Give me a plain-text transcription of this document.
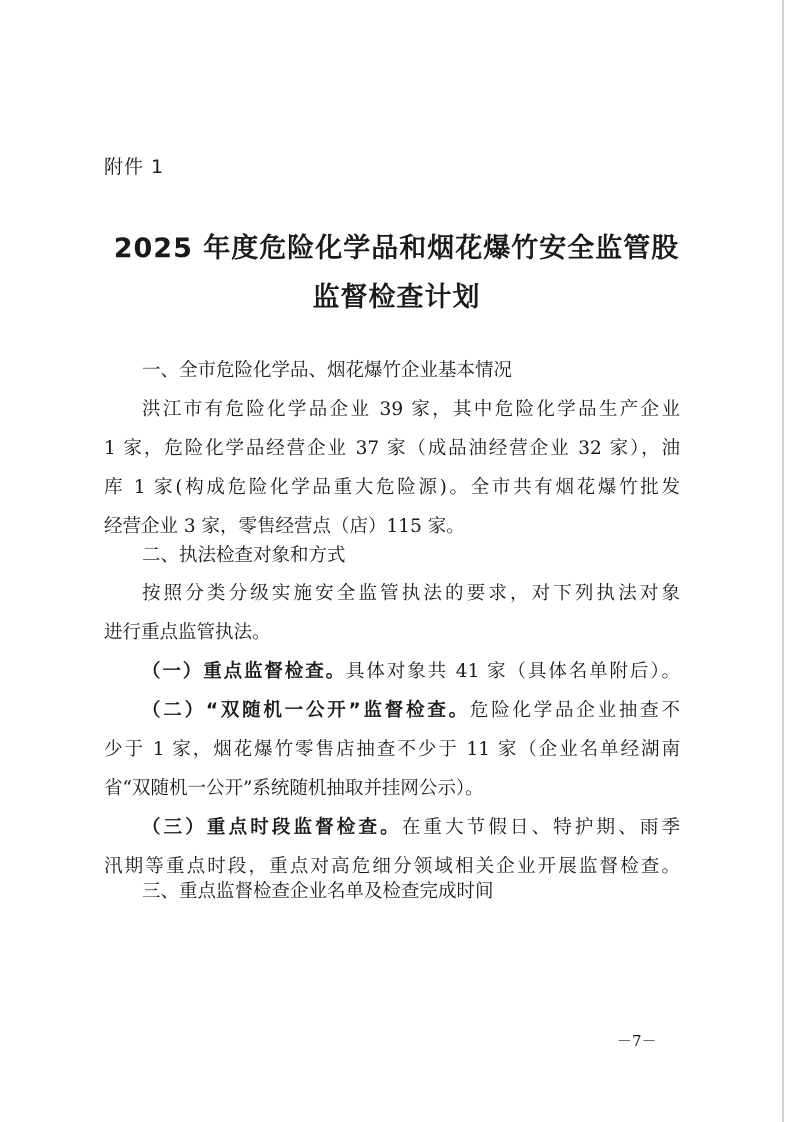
附件 1
2025 年度危险化学品和烟花爆竹安全监管股
监督检查计划
一、全市危险化学品、烟花爆竹企业基本情况
洪江市有危险化学品企业 39 家，其中危险化学品生产企业
1 家，危险化学品经营企业 37 家（成品油经营企业 32 家），油
库 1 家(构成危险化学品重大危险源)。全市共有烟花爆竹批发
经营企业 3 家，零售经营点（店）115 家。
二、执法检查对象和方式
按照分类分级实施安全监管执法的要求，对下列执法对象
进行重点监管执法。
（一）重点监督检查。具体对象共 41 家（具体名单附后）。
（二）“双随机一公开”监督检查。危险化学品企业抽查不
少于 1 家，烟花爆竹零售店抽查不少于 11 家（企业名单经湖南
省“双随机一公开”系统随机抽取并挂网公示）。
（三）重点时段监督检查。在重大节假日、特护期、雨季
汛期等重点时段，重点对高危细分领域相关企业开展监督检查。
三、重点监督检查企业名单及检查完成时间
－7－
